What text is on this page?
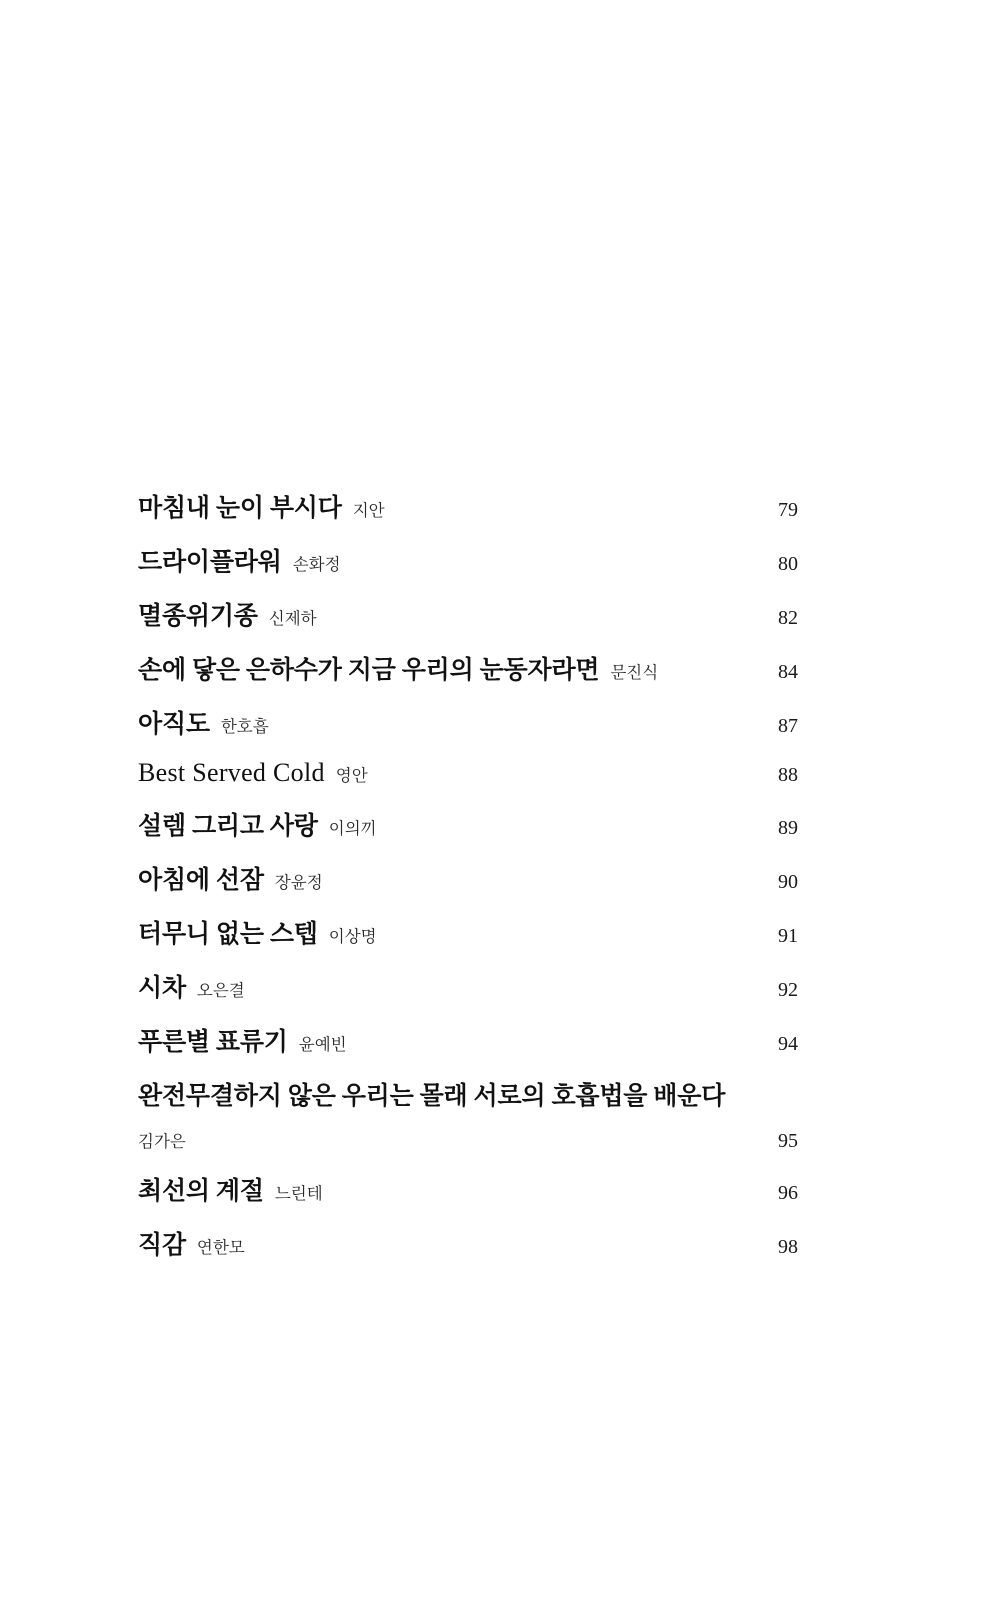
마침내 눈이 부시다 지안	79
드라이플라워 손화정	80
멸종위기종 신제하	82
손에 닿은 은하수가 지금 우리의 눈동자라면 문진식	84
아직도 한호흡	87
Best Served Cold 영안	88
설렘 그리고 사랑 이의끼	89
아침에 선잠 장윤정	90
터무니 없는 스텝 이상명	91
시차 오은결	92
푸른별 표류기 윤예빈	94
완전무결하지 않은 우리는 몰래 서로의 호흡법을 배운다
김가은	95
최선의 계절 느린테	96
직감 연한모	98
